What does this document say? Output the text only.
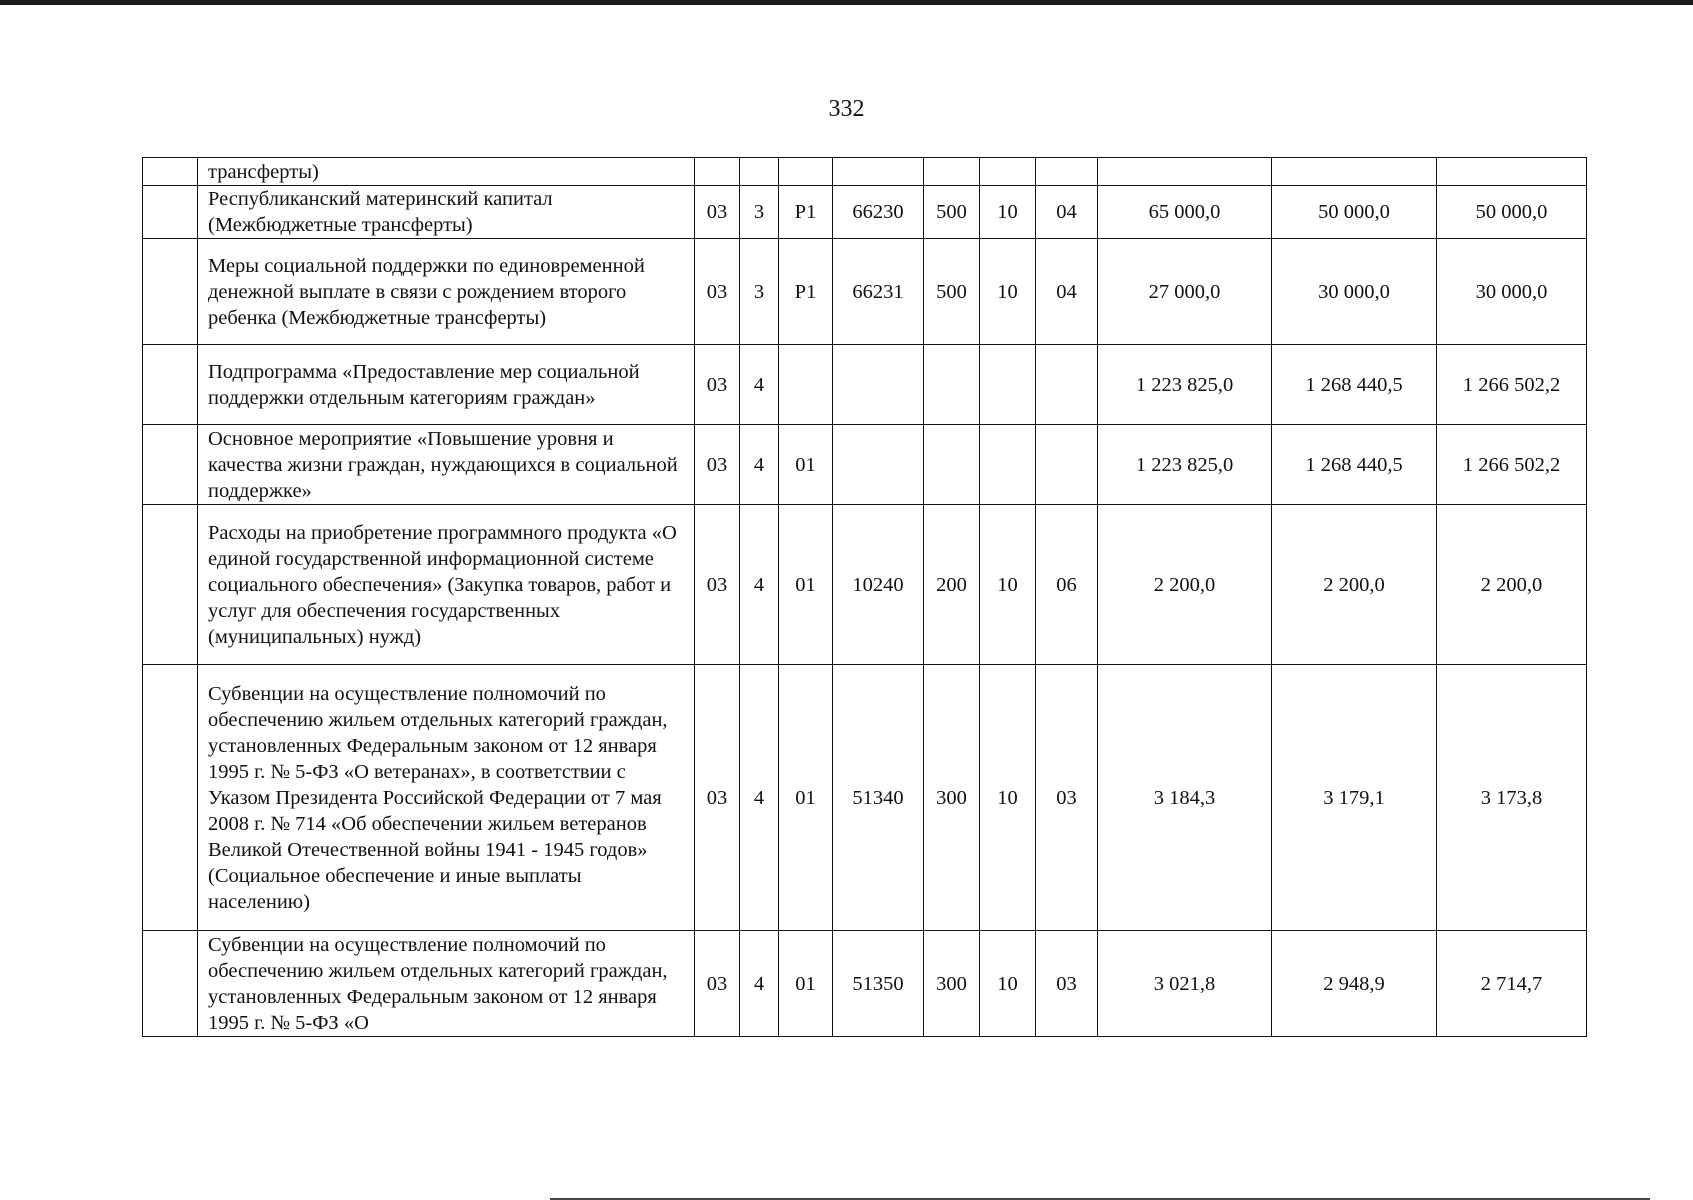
332
	трансферты)										
	Республиканский материнский капитал (Межбюджетные трансферты)	03	3	Р1	66230	500	10	04	65 000,0	50 000,0	50 000,0
	Меры социальной поддержки по единовременной денежной выплате в связи с рождением второго ребенка (Межбюджетные трансферты)	03	3	Р1	66231	500	10	04	27 000,0	30 000,0	30 000,0
	Подпрограмма «Предоставление мер социальной поддержки отдельным категориям граждан»	03	4						1 223 825,0	1 268 440,5	1 266 502,2
	Основное мероприятие «Повышение уровня и качества жизни граждан, нуждающихся в социальной поддержке»	03	4	01					1 223 825,0	1 268 440,5	1 266 502,2
	Расходы на приобретение программного продукта «О единой государственной информационной системе социального обеспечения» (Закупка товаров, работ и услуг для обеспечения государственных (муниципальных) нужд)	03	4	01	10240	200	10	06	2 200,0	2 200,0	2 200,0
	Субвенции на осуществление полномочий по обеспечению жильем отдельных категорий граждан, установленных Федеральным законом от 12 января 1995 г. № 5-ФЗ «О ветеранах», в соответствии с Указом Президента Российской Федерации от 7 мая 2008 г. № 714 «Об обеспечении жильем ветеранов Великой Отечественной войны 1941 - 1945 годов» (Социальное обеспечение и иные выплаты населению)	03	4	01	51340	300	10	03	3 184,3	3 179,1	3 173,8
	Субвенции на осуществление полномочий по обеспечению жильем отдельных категорий граждан, установленных Федеральным законом от 12 января 1995 г. № 5-ФЗ «О	03	4	01	51350	300	10	03	3 021,8	2 948,9	2 714,7
